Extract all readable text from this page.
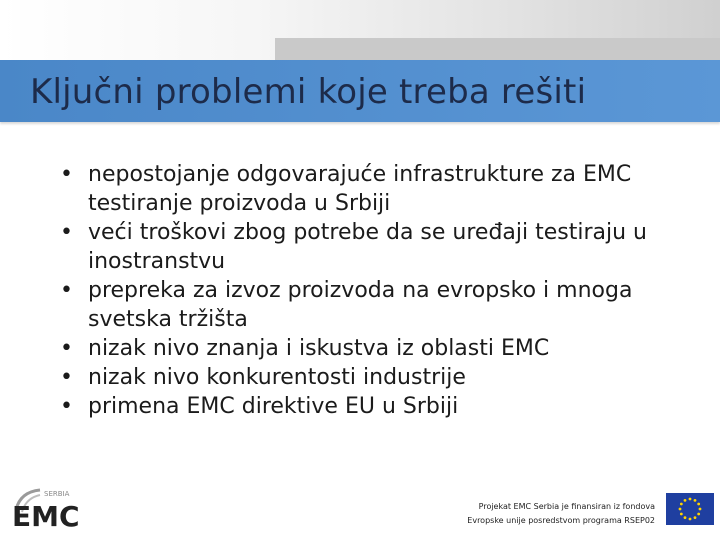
Ključni problemi koje treba rešiti
• nepostojanje odgovarajuće infrastrukture za EMC testiranje proizvoda u Srbiji
• veći troškovi zbog potrebe da se uređaji testiraju u inostranstvu
• prepreka za izvoz proizvoda na evropsko i mnoga svetska tržišta
• nizak nivo znanja i iskustva iz oblasti EMC
• nizak nivo konkurentosti industrije
• primena EMC direktive EU u Srbiji
SERBIA
EMC	Projekat EMC Serbia je finansiran iz fondova
Evropske unije posredstvom programa RSEP02
